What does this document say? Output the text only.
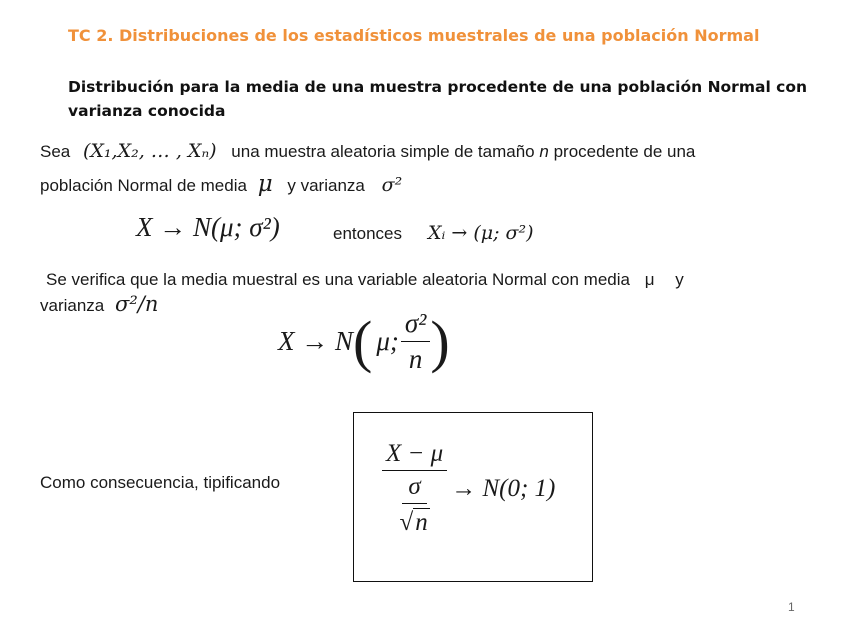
TC 2. Distribuciones de los estadísticos muestrales de una población Normal
Distribución para la media de una muestra procedente de una población Normal con varianza conocida
Sea (X₁,X₂, … , Xₙ) una muestra aleatoria simple de tamaño n procedente de una
población Normal de media μ y varianza σ²
X → N(μ; σ²)	entonces Xᵢ → (μ; σ²)
Se verifica que la media muestral es una variable aleatoria Normal con media μ y
varianza σ²/n
X → N ( μ; $\frac{\text{σ²}}{n}$ )
Como consecuencia, tipificando	X − μ
σ
√ n → N(0; 1)
1
